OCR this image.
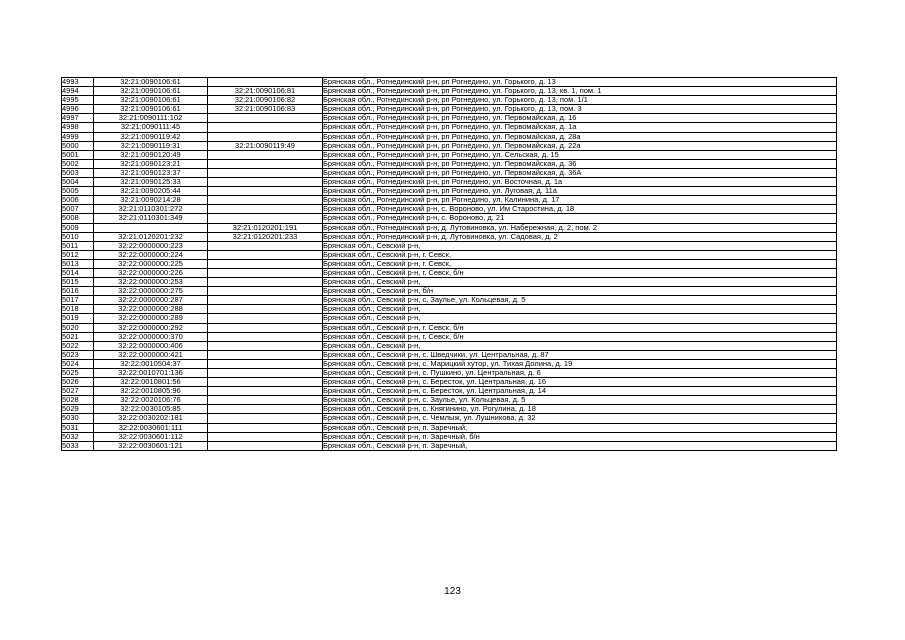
4993	32:21:0090106:61		Брянская обл., Рогнединский р-н, рп Рогнедино, ул. Горького, д. 13
4994	32:21:0090106:61	32:21:0090106:81	Брянская обл., Рогнединский р-н, рп Рогнедино, ул. Горького, д. 13, кв. 1, пом. 1
4995	32:21:0090106:61	32:21:0090106:82	Брянская обл., Рогнединский р-н, рп Рогнедино, ул. Горького, д. 13, пом. 1/1
4996	32:21:0090106:61	32:21:0090106:83	Брянская обл., Рогнединский р-н, рп Рогнедино, ул. Горького, д. 13, пом. 3
4997	32:21:0090111:102		Брянская обл., Рогнединский р-н, рп Рогнедино, ул. Первомайская, д. 16
4998	32:21:0090111:45		Брянская обл., Рогнединский р-н, рп Рогнедино, ул. Первомайская, д. 1а
4999	32:21:0090119:42		Брянская обл., Рогнединский р-н, рп Рогнедино, ул. Первомайская, д. 28а
5000	32:21:0090119:31	32:21:0090119:49	Брянская обл., Рогнединский р-н, рп Рогнедино, ул. Первомайская, д. 22а
5001	32:21:0090120:49		Брянская обл., Рогнединский р-н, рп Рогнедино, ул. Сельская, д. 15
5002	32:21:0090123:21		Брянская обл., Рогнединский р-н, рп Рогнедино, ул. Первомайская, д. 36
5003	32:21:0090123:37		Брянская обл., Рогнединский р-н, рп Рогнедино, ул. Первомайская, д. 36А
5004	32:21:0090125:33		Брянская обл., Рогнединский р-н, рп Рогнедино, ул. Восточная, д. 1а
5005	32:21:0090205:44		Брянская обл., Рогнединский р-н, рп Рогнедино, ул. Луговая, д. 11а
5006	32:21:0090214:28		Брянская обл., Рогнединский р-н, рп Рогнедино, ул. Калинина, д. 17
5007	32:21:0110301:272		Брянская обл., Рогнединский р-н, с. Вороново, ул. Им Старостина, д. 18
5008	32:21:0110301:349		Брянская обл., Рогнединский р-н, с. Вороново, д. 21
5009		32:21:0120201:191	Брянская обл., Рогнединский р-н, д. Лутовиновка, ул. Набережная, д. 2, пом. 2
5010	32:21:0120201:232	32:21:0120201:233	Брянская обл., Рогнединский р-н, д. Лутовиновка, ул. Садовая, д. 2
5011	32:22:0000000:223		Брянская обл., Севский р-н,
5012	32:22:0000000:224		Брянская обл., Севский р-н, г. Севск,
5013	32:22:0000000:225		Брянская обл., Севский р-н, г. Севск,
5014	32:22:0000000:226		Брянская обл., Севский р-н, г. Севск, б/н
5015	32:22:0000000:253		Брянская обл., Севский р-н,
5016	32:22:0000000:275		Брянская обл., Севский р-н, б/н
5017	32:22:0000000:287		Брянская обл., Севский р-н, с. Заулье, ул. Кольцевая, д. 5
5018	32:22:0000000:288		Брянская обл., Севский р-н,
5019	32:22:0000000:289		Брянская обл., Севский р-н,
5020	32:22:0000000:292		Брянская обл., Севский р-н, г. Севск, б/н
5021	32:22:0000000:370		Брянская обл., Севский р-н, г. Севск, б/н
5022	32:22:0000000:406		Брянская обл., Севский р-н,
5023	32:22:0000000:421		Брянская обл., Севский р-н, с. Шведчики, ул. Центральная, д. 87
5024	32:22:0010504:37		Брянская обл., Севский р-н, с. Марицкий хутор, ул. Тихая Долина, д. 19
5025	32:22:0010701:136		Брянская обл., Севский р-н, с. Пушкино, ул. Центральная, д. 6
5026	32:22:0010801:56		Брянская обл., Севский р-н, с. Бересток, ул. Центральная, д. 16
5027	32:22:0010805:96		Брянская обл., Севский р-н, с. Бересток, ул. Центральная, д. 14
5028	32:22:0020106:76		Брянская обл., Севский р-н, с. Заулье, ул. Кольцевая, д. 5
5029	32:22:0030105:85		Брянская обл., Севский р-н, с. Княгинино, ул. Рогулина, д. 18
5030	32:22:0030202:181		Брянская обл., Севский р-н, с. Чемлыж, ул. Лушникова, д. 32
5031	32:22:0030601:111		Брянская обл., Севский р-н, п. Заречный,
5032	32:22:0030601:112		Брянская обл., Севский р-н, п. Заречный, б/н
5033	32:22:0030601:121		Брянская обл., Севский р-н, п. Заречный,
123
